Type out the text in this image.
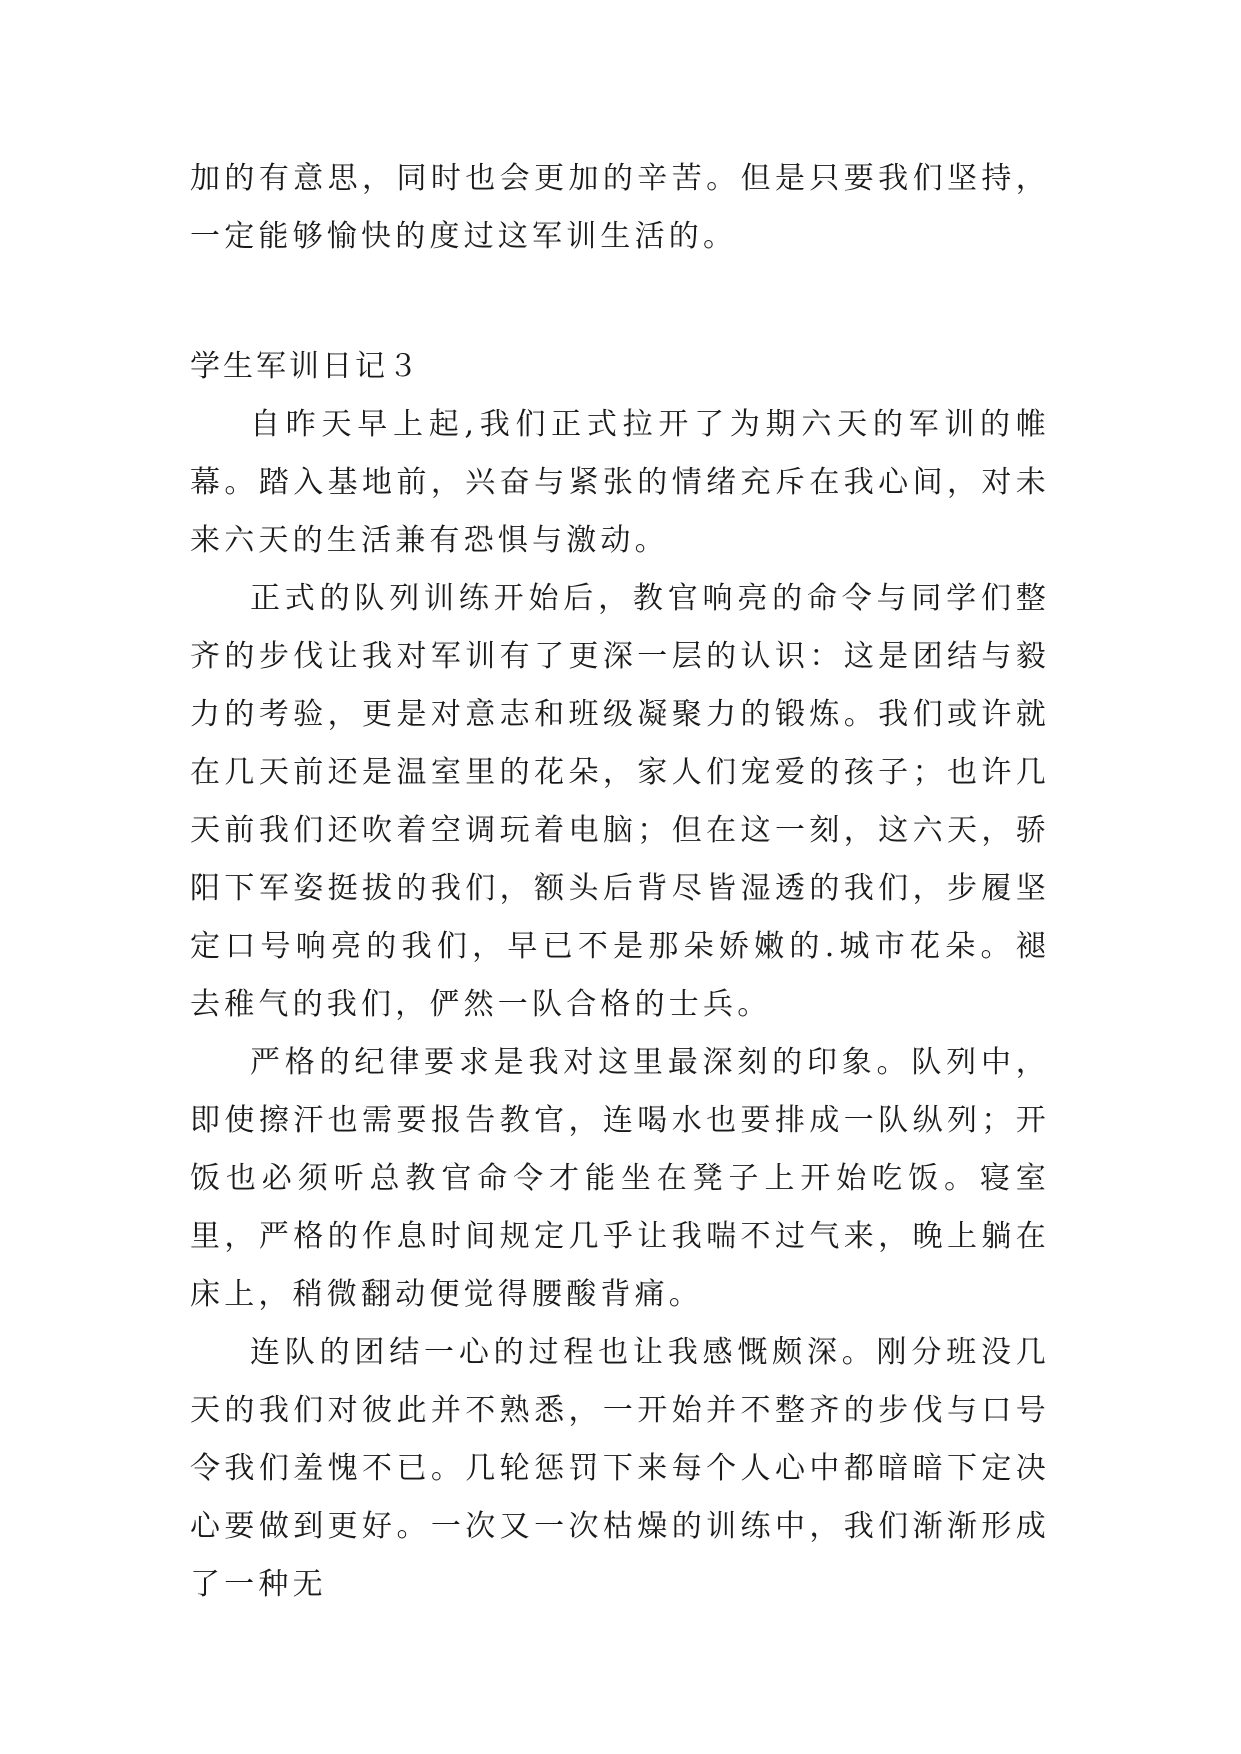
加的有意思，同时也会更加的辛苦。但是只要我们坚持，一定能够愉快的度过这军训生活的。

学生军训日记３

自昨天早上起,我们正式拉开了为期六天的军训的帷幕。踏入基地前，兴奋与紧张的情绪充斥在我心间，对未来六天的生活兼有恐惧与激动。

正式的队列训练开始后，教官响亮的命令与同学们整齐的步伐让我对军训有了更深一层的认识：这是团结与毅力的考验，更是对意志和班级凝聚力的锻炼。我们或许就在几天前还是温室里的花朵，家人们宠爱的孩子；也许几天前我们还吹着空调玩着电脑；但在这一刻，这六天，骄阳下军姿挺拔的我们，额头后背尽皆湿透的我们，步履坚定口号响亮的我们，早已不是那朵娇嫩的.城市花朵。褪去稚气的我们，俨然一队合格的士兵。

严格的纪律要求是我对这里最深刻的印象。队列中，即使擦汗也需要报告教官，连喝水也要排成一队纵列；开饭也必须听总教官命令才能坐在凳子上开始吃饭。寝室里，严格的作息时间规定几乎让我喘不过气来，晚上躺在床上，稍微翻动便觉得腰酸背痛。

连队的团结一心的过程也让我感慨颇深。刚分班没几天的我们对彼此并不熟悉，一开始并不整齐的步伐与口号令我们羞愧不已。几轮惩罚下来每个人心中都暗暗下定决心要做到更好。一次又一次枯燥的训练中，我们渐渐形成了一种无
